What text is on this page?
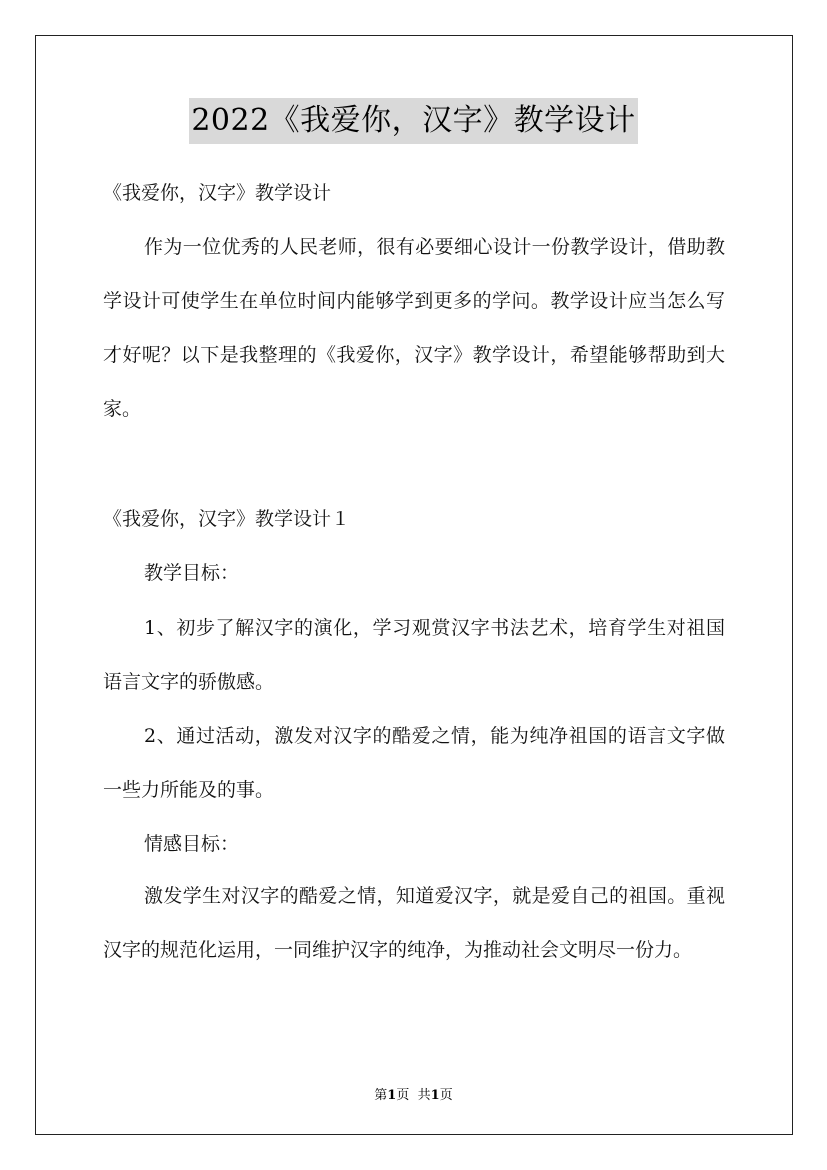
2022《我爱你，汉字》教学设计

《我爱你，汉字》教学设计

作为一位优秀的人民老师，很有必要细心设计一份教学设计，借助教学设计可使学生在单位时间内能够学到更多的学问。教学设计应当怎么写才好呢？以下是我整理的《我爱你，汉字》教学设计，希望能够帮助到大家。

《我爱你，汉字》教学设计１

教学目标：

1、初步了解汉字的演化，学习观赏汉字书法艺术，培育学生对祖国语言文字的骄傲感。

2、通过活动，激发对汉字的酷爱之情，能为纯净祖国的语言文字做一些力所能及的事。

情感目标：

激发学生对汉字的酷爱之情，知道爱汉字，就是爱自己的祖国。重视汉字的规范化运用，一同维护汉字的纯净，为推动社会文明尽一份力。

第1页 共1页
